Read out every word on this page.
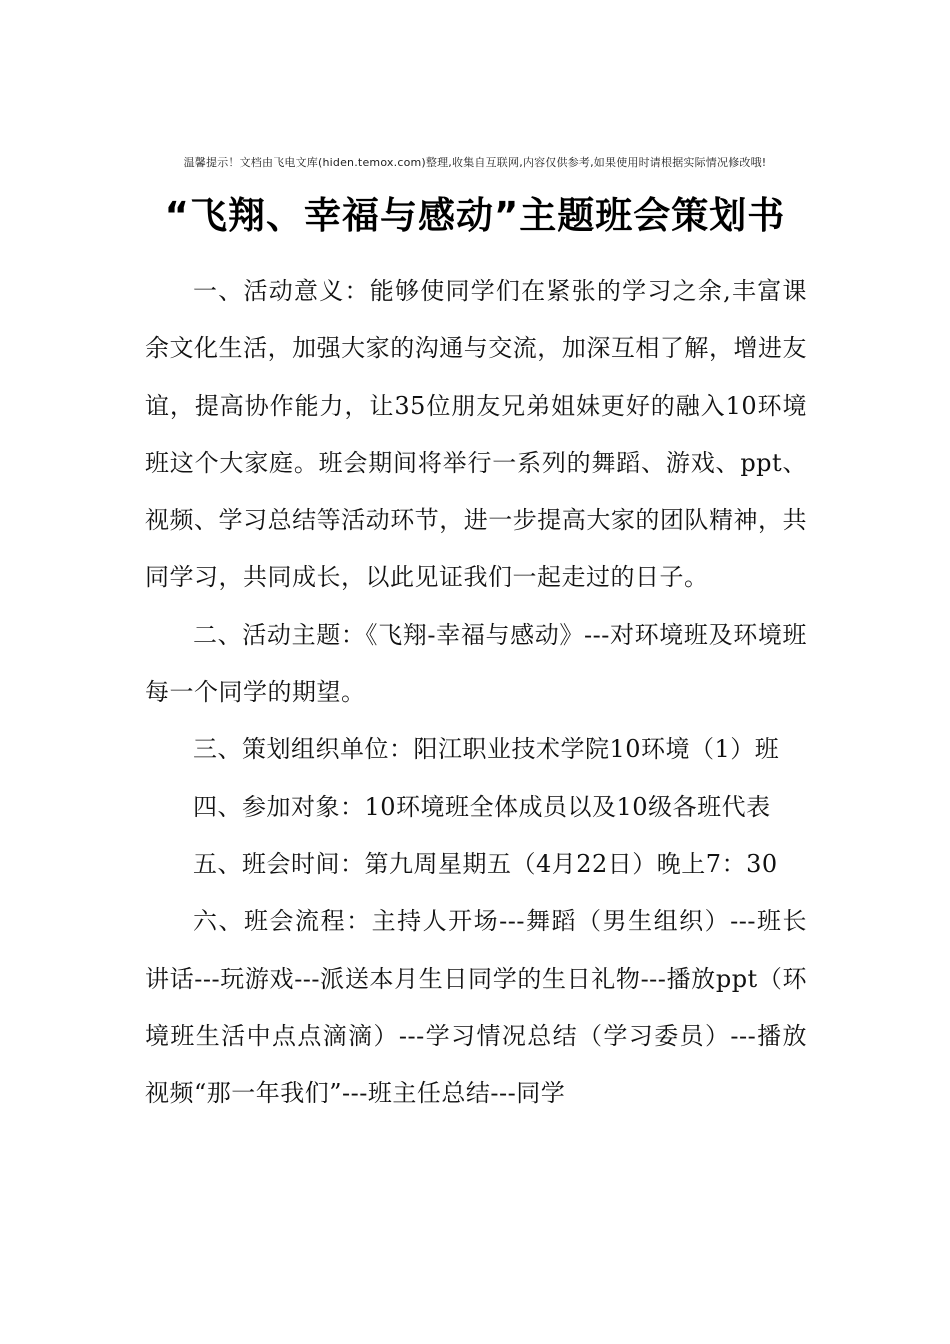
温馨提示！文档由飞电文库(hiden.temox.com)整理,收集自互联网,内容仅供参考,如果使用时请根据实际情况修改哦!
“飞翔、幸福与感动”主题班会策划书

一、活动意义：能够使同学们在紧张的学习之余,丰富课余文化生活，加强大家的沟通与交流，加深互相了解，增进友谊，提高协作能力，让35位朋友兄弟姐妹更好的融入10环境班这个大家庭。班会期间将举行一系列的舞蹈、游戏、ppt、视频、学习总结等活动环节，进一步提高大家的团队精神，共同学习，共同成长，以此见证我们一起走过的日子。

二、活动主题：《飞翔-幸福与感动》---对环境班及环境班每一个同学的期望。

三、策划组织单位：阳江职业技术学院10环境（1）班

四、参加对象：10环境班全体成员以及10级各班代表

五、班会时间：第九周星期五（4月22日）晚上7：30

六、班会流程：主持人开场---舞蹈（男生组织）---班长讲话---玩游戏---派送本月生日同学的生日礼物---播放ppt（环境班生活中点点滴滴）---学习情况总结（学习委员）---播放视频“那一年我们”---班主任总结---同学
